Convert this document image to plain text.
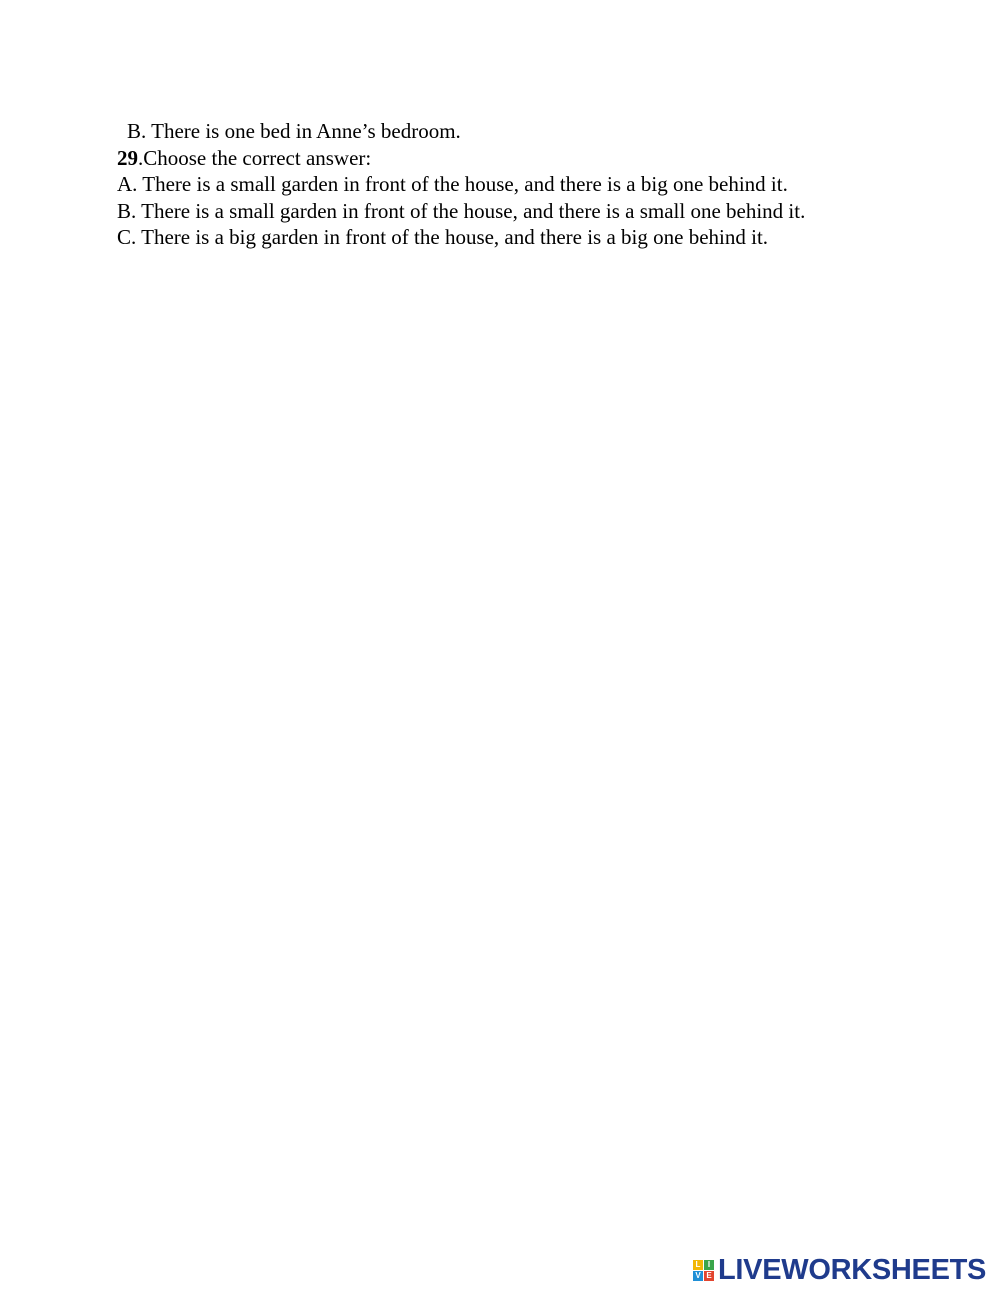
B. There is one bed in Anne’s bedroom.
29.Choose the correct answer:
A. There is a small garden in front of the house, and there is a big one behind it.
B. There is a small garden in front of the house, and there is a small one behind it.
C. There is a big garden in front of the house, and there is a big one behind it.
L I
V E LIVEWORKSHEETS
